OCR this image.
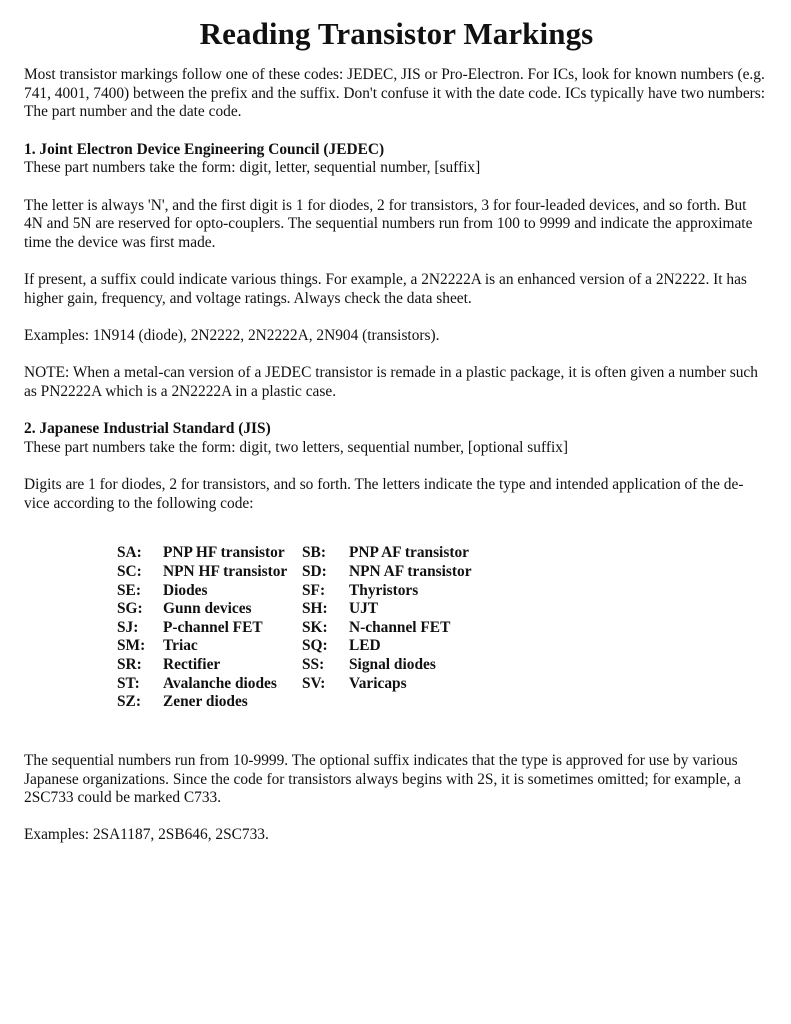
Reading Transistor Markings

Most transistor markings follow one of these codes: JEDEC, JIS or Pro-Electron. For ICs, look for known numbers (e.g. 741, 4001, 7400) between the prefix and the suffix. Don't confuse it with the date code. ICs typically have two numbers: The part number and the date code.

1. Joint Electron Device Engineering Council (JEDEC)

These part numbers take the form: digit, letter, sequential number, [suffix]

The letter is always 'N', and the first digit is 1 for diodes, 2 for transistors, 3 for four-leaded devices, and so forth. But 4N and 5N are reserved for opto-couplers. The sequential numbers run from 100 to 9999 and indicate the approximate time the device was first made.

If present, a suffix could indicate various things. For example, a 2N2222A is an enhanced version of a 2N2222. It has higher gain, frequency, and voltage ratings. Always check the data sheet.

Examples: 1N914 (diode), 2N2222, 2N2222A, 2N904 (transistors).

NOTE: When a metal-can version of a JEDEC transistor is remade in a plastic package, it is often given a number such as PN2222A which is a 2N2222A in a plastic case.

2. Japanese Industrial Standard (JIS)

These part numbers take the form: digit, two letters, sequential number, [optional suffix]

Digits are 1 for diodes, 2 for transistors, and so forth. The letters indicate the type and intended application of the de-vice according to the following code:

SA:	PNP HF transistor	SB:	PNP AF transistor
SC:	NPN HF transistor	SD:	NPN AF transistor
SE:	Diodes	SF:	Thyristors
SG:	Gunn devices	SH:	UJT
SJ:	P-channel FET	SK:	N-channel FET
SM:	Triac	SQ:	LED
SR:	Rectifier	SS:	Signal diodes
ST:	Avalanche diodes	SV:	Varicaps
SZ:	Zener diodes		

The sequential numbers run from 10-9999. The optional suffix indicates that the type is approved for use by various Japanese organizations. Since the code for transistors always begins with 2S, it is sometimes omitted; for example, a 2SC733 could be marked C733.

Examples: 2SA1187, 2SB646, 2SC733.
